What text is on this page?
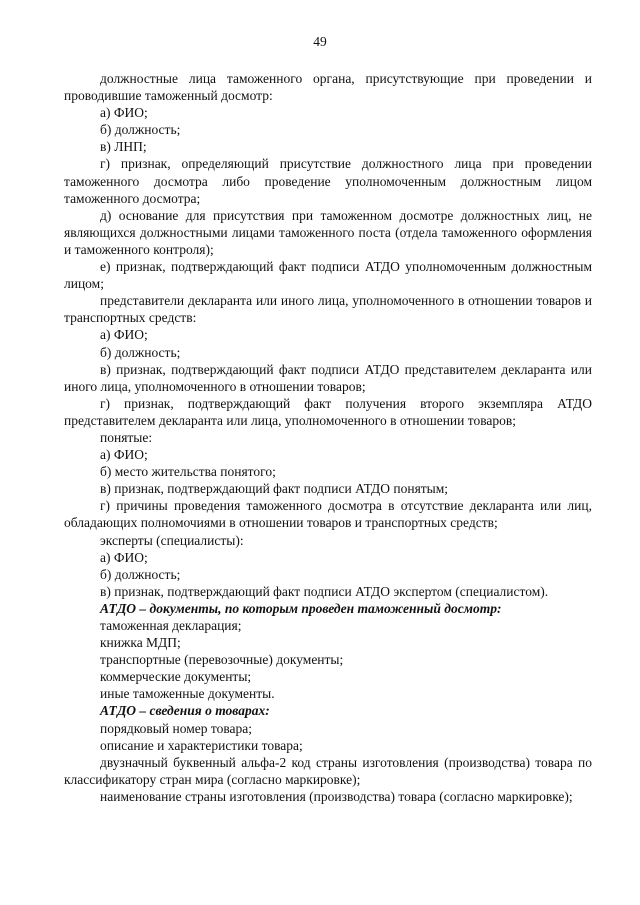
49

должностные лица таможенного органа, присутствующие при проведении и проводившие таможенный досмотр:

а) ФИО;

б) должность;

в) ЛНП;

г) признак, определяющий присутствие должностного лица при проведении таможенного досмотра либо проведение уполномоченным должностным лицом таможенного досмотра;

д) основание для присутствия при таможенном досмотре должностных лиц, не являющихся должностными лицами таможенного поста (отдела таможенного оформления и таможенного контроля);

е) признак, подтверждающий факт подписи АТДО уполномоченным должностным лицом;

представители декларанта или иного лица, уполномоченного в отношении товаров и транспортных средств:

а) ФИО;

б) должность;

в) признак, подтверждающий факт подписи АТДО представителем декларанта или иного лица, уполномоченного в отношении товаров;

г) признак, подтверждающий факт получения второго экземпляра АТДО представителем декларанта или лица, уполномоченного в отношении товаров;

понятые:

а) ФИО;

б) место жительства понятого;

в) признак, подтверждающий факт подписи АТДО понятым;

г) причины проведения таможенного досмотра в отсутствие декларанта или лиц, обладающих полномочиями в отношении товаров и транспортных средств;

эксперты (специалисты):

а) ФИО;

б) должность;

в) признак, подтверждающий факт подписи АТДО экспертом (специалистом).

АТДО – документы, по которым проведен таможенный досмотр:

таможенная декларация;

книжка МДП;

транспортные (перевозочные) документы;

коммерческие документы;

иные таможенные документы.

АТДО – сведения о товарах:

порядковый номер товара;

описание и характеристики товара;

двузначный буквенный альфа-2 код страны изготовления (производства) товара по классификатору стран мира (согласно маркировке);

наименование страны изготовления (производства) товара (согласно маркировке);
